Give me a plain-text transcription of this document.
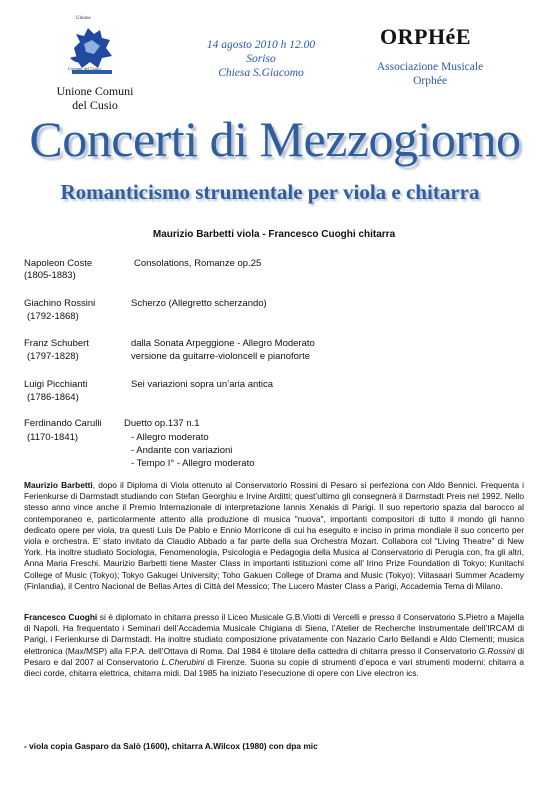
Unione
Comuni del Cusio
Unione Comuni
del Cusio
14 agosto 2010 h 12.00
Soriso
Chiesa S.Giacomo
ORPHéE
Associazione Musicale
Orphée
Concerti di Mezzogiorno
Romanticismo strumentale per viola e chitarra
Maurizio Barbetti viola - Francesco Cuoghi chitarra
Napoleon Coste
(1805-1883)
Consolations, Romanze op.25
Giachino Rossini
(1792-1868)
Scherzo (Allegretto scherzando)
Franz Schubert
(1797-1828)
dalla Sonata Arpeggione - Allegro Moderato
versione da guitarre-violoncell e pianoforte
Luigi Picchianti
(1786-1864)
Sei variazioni sopra un’aria antica
Ferdinando Carulli
(1170-1841)
Duetto op.137 n.1
- Allegro moderato
- Andante con variazioni
- Tempo I° - Allegro moderato
Maurizio Barbetti, dopo il Diploma di Viola ottenuto al Conservatorio Rossini di Pesaro si perfeziona con Aldo Bennici. Frequenta i Ferienkurse di Darmstadt studiando con Stefan Georghiu e Irvine Arditti; quest’ultimo gli consegnerà il Darmstadt Preis nel 1992. Nello stesso anno vince anche il Premio Internazionale di interpretazione Iannis Xenakis di Parigi. Il suo repertorio spazia dal barocco al contemporaneo e, particolarmente attento alla produzione di musica "nuova", importanti compositori di tutto il mondo gli hanno dedicato opere per viola, tra questi Luis De Pablo e Ennio Morricone di cui ha eseguito e inciso in prima mondiale il suo concerto per viola e orchestra. E’ stato invitato da Claudio Abbado a far parte della sua Orchestra Mozart. Collabora col “Living Theatre” di New York. Ha inoltre studiato Sociologia, Fenomenologia, Psicologia e Pedagogia della Musica al Conservatorio di Perugia con, fra gli altri, Anna Maria Freschi. Maurizio Barbetti tiene Master Class in importanti istituzioni come all’ Irino Prize Foundation di Tokyo; Kunitachi College of Music (Tokyo); Tokyo Gakugei University; Toho Gakuen College of Drama and Music (Tokyo); Viitasaari Summer Academy (Finlandia), il Centro Nacional de Bellas Artes di Città del Messico; The Lucero Master Class a Parigi, Accademia Tema di Milano.
Francesco Cuoghi si è diplomato in chitarra presso il Liceo Musicale G.B.Viotti di Vercelli e presso il Conservatorio S.Pietro a Majella di Napoli. Ha frequentato i Seminari dell’Accademia Musicale Chigiana di Siena, l’Atelier de Recherche Instrumentale dell’IRCAM di Parigi, i Ferienkurse di Darmstadt. Ha inoltre studiato composizione privatamente con Nazario Carlo Bellandi e Aldo Clementi; musica elettronica (Max/MSP) alla F.P.A. dell’Ottava di Roma. Dal 1984 è titolare della cattedra di chitarra presso il Conservatorio G.Rossini di Pesaro e dal 2007 al Conservatorio L.Cherubini di Firenze. Suona su copie di strumenti d’epoca e vari strumenti moderni: chitarra a dieci corde, chitarra elettrica, chitarra midi. Dal 1985 ha iniziato l’esecuzione di opere con Live electron ics.
- viola copia Gasparo da Salò (1600), chitarra A.Wilcox (1980) con dpa mic
